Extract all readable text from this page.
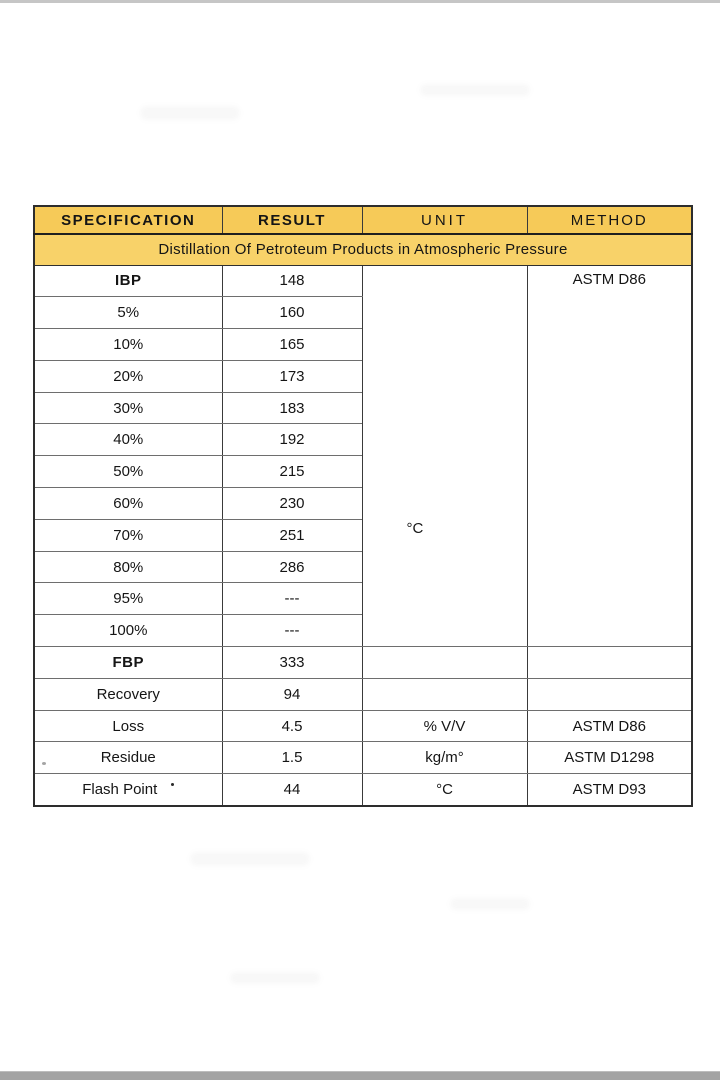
SPECIFICATION	RESULT	UNIT	METHOD
Distillation Of Petroteum Products in Atmospheric Pressure			
IBP	148	°C	ASTM D86
5%	160		
10%	165		
20%	173		
30%	183		
40%	192		
50%	215		
60%	230		
70%	251		
80%	286		
95%	---		
100%	---		
FBP	333		
Recovery	94		
Loss	4.5	% V/V	ASTM D86
Residue	1.5	kg/m°	ASTM D1298
Flash Point	44	°C	ASTM D93
